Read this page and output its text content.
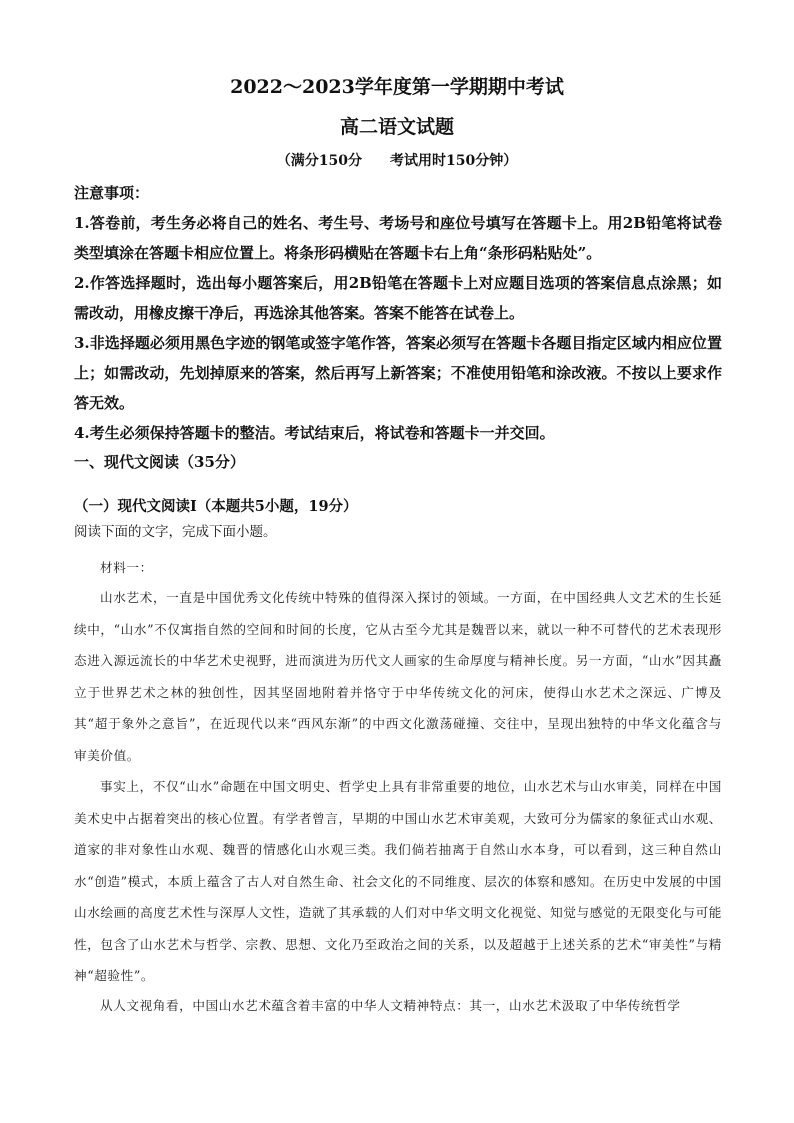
2022～2023学年度第一学期期中考试
高二语文试题
（满分150分 考试用时150分钟）
注意事项：
1.答卷前，考生务必将自己的姓名、考生号、考场号和座位号填写在答题卡上。用2B铅笔将试卷类型填涂在答题卡相应位置上。将条形码横贴在答题卡右上角“条形码粘贴处”。
2.作答选择题时，选出每小题答案后，用2B铅笔在答题卡上对应题目选项的答案信息点涂黑；如需改动，用橡皮擦干净后，再选涂其他答案。答案不能答在试卷上。
3.非选择题必须用黑色字迹的钢笔或签字笔作答，答案必须写在答题卡各题目指定区域内相应位置上；如需改动，先划掉原来的答案，然后再写上新答案；不准使用铅笔和涂改液。不按以上要求作答无效。
4.考生必须保持答题卡的整洁。考试结束后，将试卷和答题卡一并交回。
一、现代文阅读（35分）
（一）现代文阅读Ⅰ（本题共5小题，19分）
阅读下面的文字，完成下面小题。
材料一：
山水艺术，一直是中国优秀文化传统中特殊的值得深入探讨的领域。一方面，在中国经典人文艺术的生长延续中，“山水”不仅寓指自然的空间和时间的长度，它从古至今尤其是魏晋以来，就以一种不可替代的艺术表现形态进入源远流长的中华艺术史视野，进而演进为历代文人画家的生命厚度与精神长度。另一方面，“山水”因其矗立于世界艺术之林的独创性，因其坚固地附着并恪守于中华传统文化的河床，使得山水艺术之深远、广博及其“超于象外之意旨”，在近现代以来“西风东渐”的中西文化激荡碰撞、交往中，呈现出独特的中华文化蕴含与审美价值。
事实上，不仅“山水”命题在中国文明史、哲学史上具有非常重要的地位，山水艺术与山水审美，同样在中国美术史中占据着突出的核心位置。有学者曾言，早期的中国山水艺术审美观，大致可分为儒家的象征式山水观、道家的非对象性山水观、魏晋的情感化山水观三类。我们倘若抽离于自然山水本身，可以看到，这三种自然山水“创造”模式，本质上蕴含了古人对自然生命、社会文化的不同维度、层次的体察和感知。在历史中发展的中国山水绘画的高度艺术性与深厚人文性，造就了其承载的人们对中华文明文化视觉、知觉与感觉的无限变化与可能性，包含了山水艺术与哲学、宗教、思想、文化乃至政治之间的关系，以及超越于上述关系的艺术“审美性”与精神“超验性”。
从人文视角看，中国山水艺术蕴含着丰富的中华人文精神特点：其一，山水艺术汲取了中华传统哲学
